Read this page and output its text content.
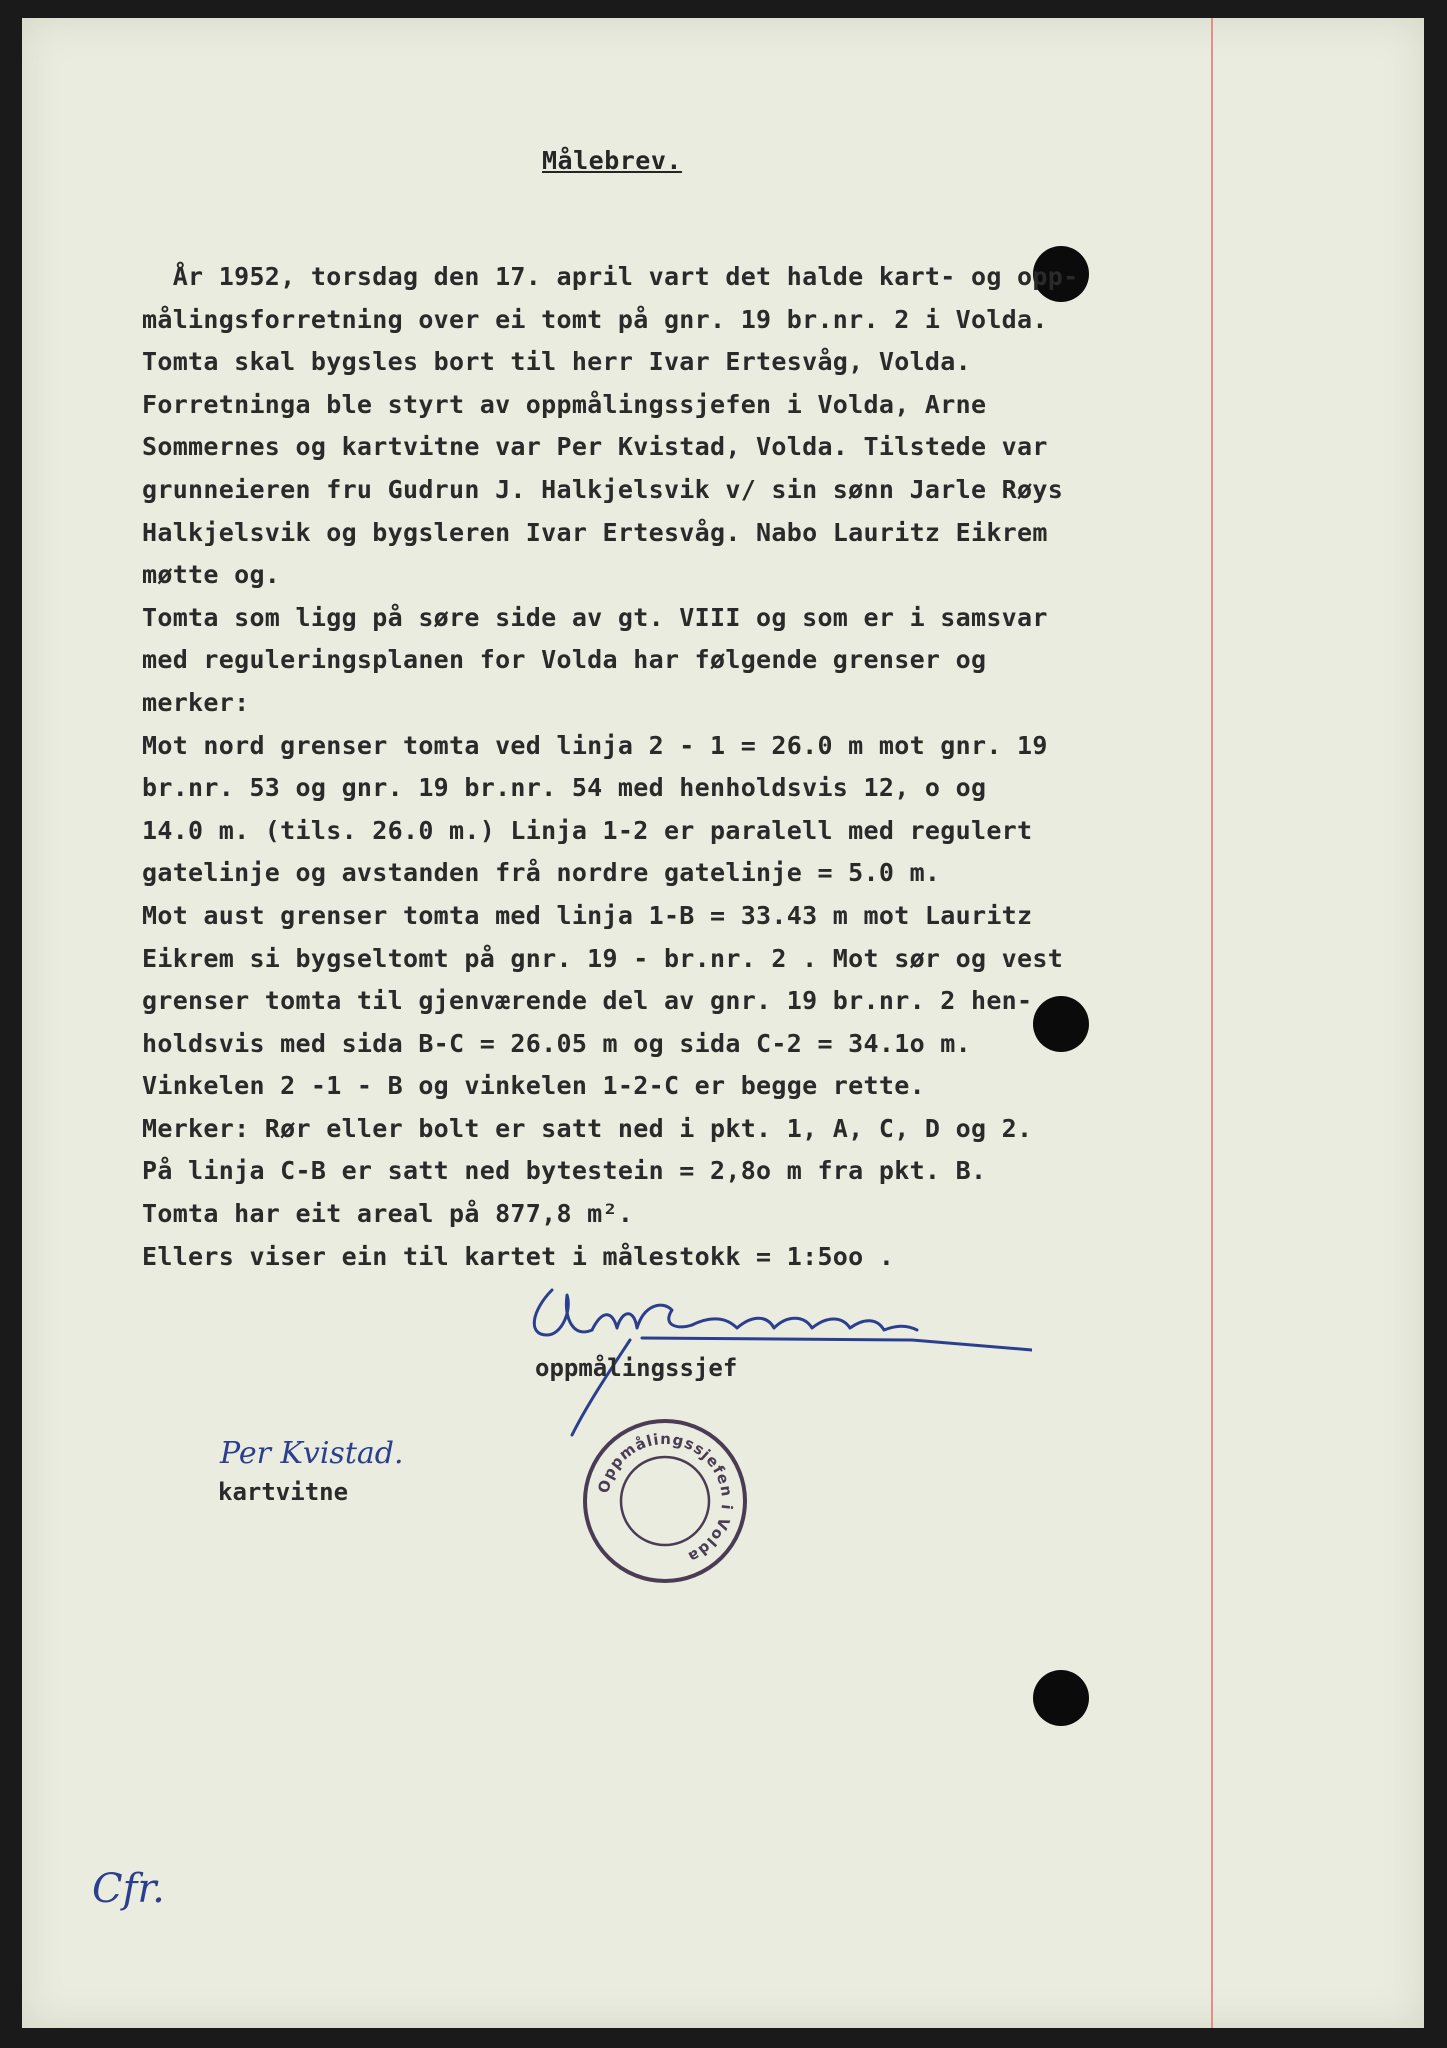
Målebrev.
År 1952, torsdag den 17. april vart det halde kart- og opp-
målingsforretning over ei tomt på gnr. 19 br.nr. 2 i Volda.
Tomta skal bygsles bort til herr Ivar Ertesvåg, Volda.
Forretninga ble styrt av oppmålingssjefen i Volda, Arne
Sommernes og kartvitne var Per Kvistad, Volda. Tilstede var
grunneieren fru Gudrun J. Halkjelsvik v/ sin sønn Jarle Røys
Halkjelsvik og bygsleren Ivar Ertesvåg. Nabo Lauritz Eikrem
møtte og.
Tomta som ligg på søre side av gt. VIII og som er i samsvar
med reguleringsplanen for Volda har følgende grenser og
merker:
Mot nord grenser tomta ved linja 2 - 1 = 26.0 m mot gnr. 19
br.nr. 53 og gnr. 19 br.nr. 54 med henholdsvis 12, o og
14.0 m. (tils. 26.0 m.) Linja 1-2 er paralell med regulert
gatelinje og avstanden frå nordre gatelinje = 5.0 m.
Mot aust grenser tomta med linja 1-B = 33.43 m mot Lauritz
Eikrem si bygseltomt på gnr. 19 - br.nr. 2 . Mot sør og vest
grenser tomta til gjenværende del av gnr. 19 br.nr. 2 hen-
holdsvis med sida B-C = 26.05 m og sida C-2 = 34.1o m.
Vinkelen 2 -1 - B og vinkelen 1-2-C er begge rette.
Merker: Rør eller bolt er satt ned i pkt. 1, A, C, D og 2.
På linja C-B er satt ned bytestein = 2,8o m fra pkt. B.
Tomta har eit areal på 877,8 m².
Ellers viser ein til kartet i målestokk = 1:5oo .
oppmålingssjef
Per Kvistad.
kartvitne	Oppmålingssjefen i Volda
Cfr.
